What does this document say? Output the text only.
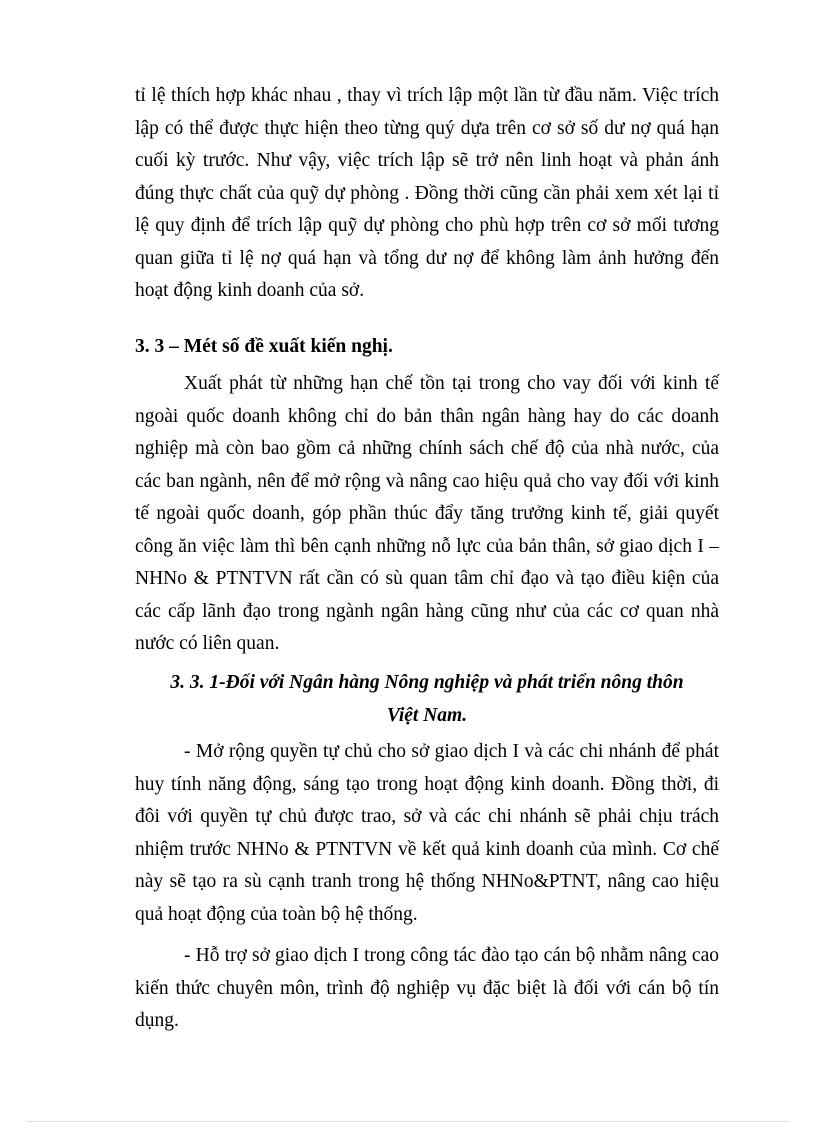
tỉ lệ thích hợp khác nhau , thay vì trích lập một lần từ đầu năm. Việc trích lập có thể được thực hiện theo từng quý dựa trên cơ sở số dư nợ quá hạn cuối kỳ trước. Như vậy, việc trích lập sẽ trở nên linh hoạt và phản ánh đúng thực chất của quỹ dự phòng . Đồng thời cũng cần phải xem xét lại tỉ lệ quy định để trích lập quỹ dự phòng cho phù hợp trên cơ sở mối tương quan giữa tỉ lệ nợ quá hạn và tổng dư nợ để không làm ảnh hưởng đến hoạt động kinh doanh của sở.

3. 3 – Mét số đề xuất kiến nghị.

Xuất phát từ những hạn chế tồn tại trong cho vay đối với kinh tế ngoài quốc doanh không chỉ do bản thân ngân hàng hay do các doanh nghiệp mà còn bao gồm cả những chính sách chế độ của nhà nước, của các ban ngành, nên để mở rộng và nâng cao hiệu quả cho vay đối với kinh tế ngoài quốc doanh, góp phần thúc đẩy tăng trưởng kinh tế, giải quyết công ăn việc làm thì bên cạnh những nỗ lực của bản thân, sở giao dịch I – NHNo & PTNTVN rất cần có sù quan tâm chỉ đạo và tạo điều kiện của các cấp lãnh đạo trong ngành ngân hàng cũng như của các cơ quan nhà nước có liên quan.

3. 3. 1-Đối với Ngân hàng Nông nghiệp và phát triển nông thôn

Việt Nam.

- Mở rộng quyền tự chủ cho sở giao dịch I và các chi nhánh để phát huy tính năng động, sáng tạo trong hoạt động kinh doanh. Đồng thời, đi đôi với quyền tự chủ được trao, sở và các chi nhánh sẽ phải chịu trách nhiệm trước NHNo & PTNTVN về kết quả kinh doanh của mình. Cơ chế này sẽ tạo ra sù cạnh tranh trong hệ thống NHNo&PTNT, nâng cao hiệu quả hoạt động của toàn bộ hệ thống.

- Hỗ trợ sở giao dịch I trong công tác đào tạo cán bộ nhằm nâng cao kiến thức chuyên môn, trình độ nghiệp vụ đặc biệt là đối với cán bộ tín dụng.
